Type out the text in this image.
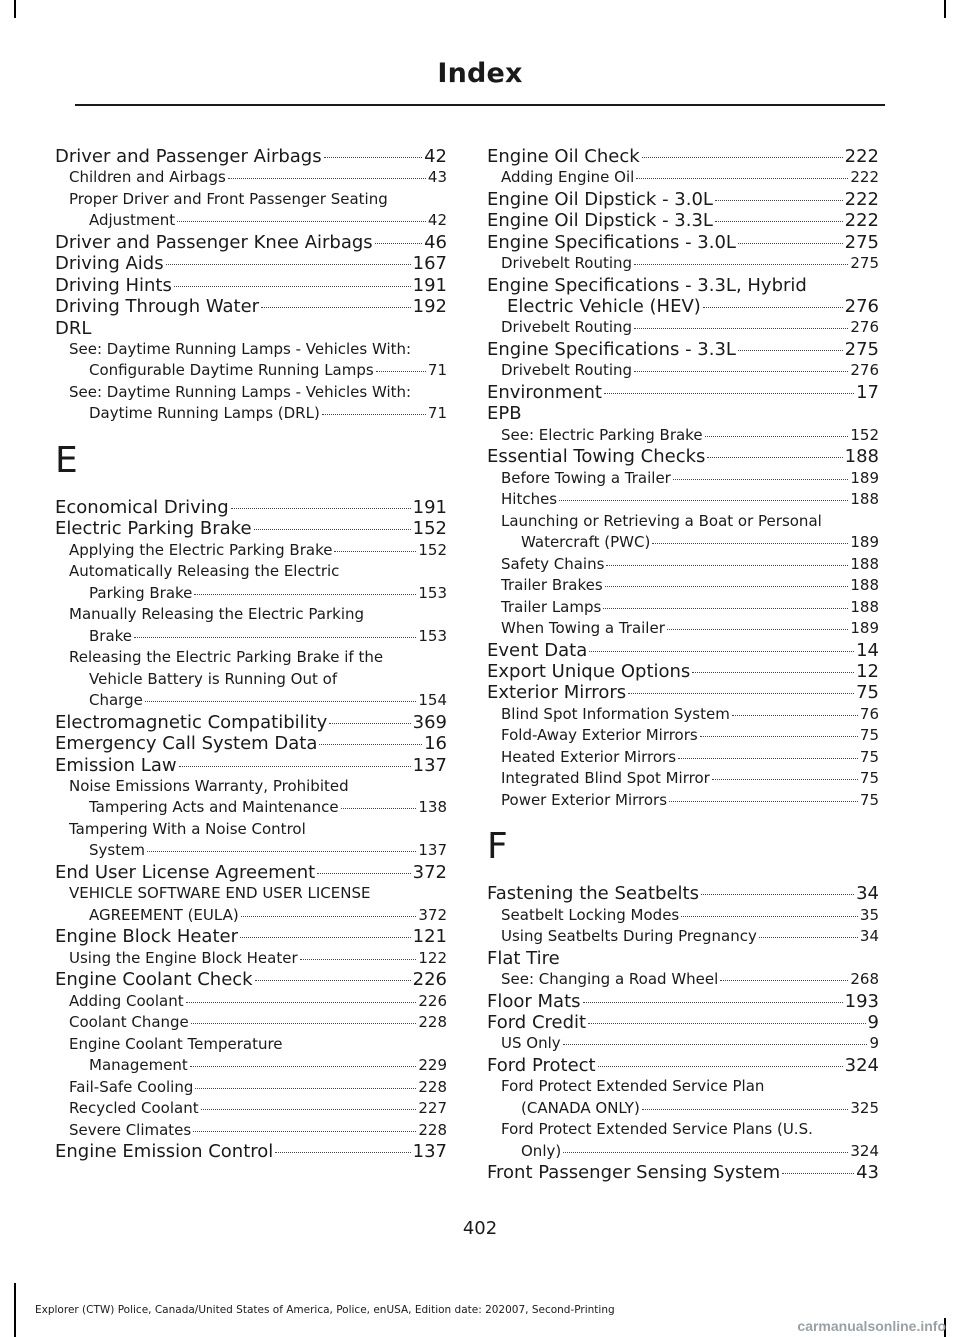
Index
Driver and Passenger Airbags	42
Children and Airbags	43
Proper Driver and Front Passenger Seating
Adjustment	42
Driver and Passenger Knee Airbags	46
Driving Aids	167
Driving Hints	191
Driving Through Water	192
DRL
See: Daytime Running Lamps - Vehicles With:
Configurable Daytime Running Lamps	71
See: Daytime Running Lamps - Vehicles With:
Daytime Running Lamps (DRL)	71
E
Economical Driving	191
Electric Parking Brake	152
Applying the Electric Parking Brake	152
Automatically Releasing the Electric
Parking Brake	153
Manually Releasing the Electric Parking
Brake	153
Releasing the Electric Parking Brake if the
Vehicle Battery is Running Out of
Charge	154
Electromagnetic Compatibility	369
Emergency Call System Data	16
Emission Law	137
Noise Emissions Warranty, Prohibited
Tampering Acts and Maintenance	138
Tampering With a Noise Control
System	137
End User License Agreement	372
VEHICLE SOFTWARE END USER LICENSE
AGREEMENT (EULA)	372
Engine Block Heater	121
Using the Engine Block Heater	122
Engine Coolant Check	226
Adding Coolant	226
Coolant Change	228
Engine Coolant Temperature
Management	229
Fail-Safe Cooling	228
Recycled Coolant	227
Severe Climates	228
Engine Emission Control	137
Engine Oil Check	222
Adding Engine Oil	222
Engine Oil Dipstick - 3.0L	222
Engine Oil Dipstick - 3.3L	222
Engine Specifications - 3.0L	275
Drivebelt Routing	275
Engine Specifications - 3.3L, Hybrid
Electric Vehicle (HEV)	276
Drivebelt Routing	276
Engine Specifications - 3.3L	275
Drivebelt Routing	276
Environment	17
EPB
See: Electric Parking Brake	152
Essential Towing Checks	188
Before Towing a Trailer	189
Hitches	188
Launching or Retrieving a Boat or Personal
Watercraft (PWC)	189
Safety Chains	188
Trailer Brakes	188
Trailer Lamps	188
When Towing a Trailer	189
Event Data	14
Export Unique Options	12
Exterior Mirrors	75
Blind Spot Information System	76
Fold-Away Exterior Mirrors	75
Heated Exterior Mirrors	75
Integrated Blind Spot Mirror	75
Power Exterior Mirrors	75
F
Fastening the Seatbelts	34
Seatbelt Locking Modes	35
Using Seatbelts During Pregnancy	34
Flat Tire
See: Changing a Road Wheel	268
Floor Mats	193
Ford Credit	9
US Only	9
Ford Protect	324
Ford Protect Extended Service Plan
(CANADA ONLY)	325
Ford Protect Extended Service Plans (U.S.
Only)	324
Front Passenger Sensing System	43
402
Explorer (CTW) Police, Canada/United States of America, Police, enUSA, Edition date: 202007, Second-Printing
carmanualsonline.info
